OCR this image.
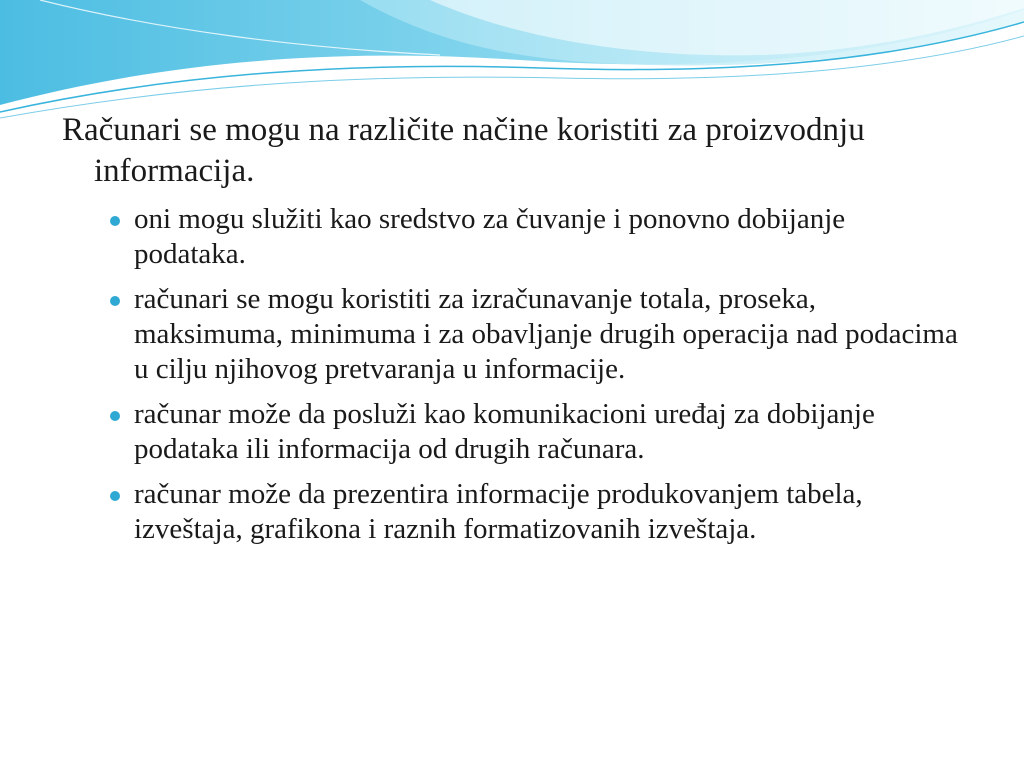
Računari se mogu na različite načine koristiti za proizvodnju informacija.

oni mogu služiti kao sredstvo za čuvanje i ponovno dobijanje podataka.
računari se mogu koristiti za izračunavanje totala, proseka, maksimuma, minimuma i za obavljanje drugih operacija nad podacima u cilju njihovog pretvaranja u informacije.
računar može da posluži kao komunikacioni uređaj za dobijanje podataka ili informacija od drugih računara.
računar može da prezentira informacije produkovanjem tabela, izveštaja, grafikona i raznih formatizovanih izveštaja.
